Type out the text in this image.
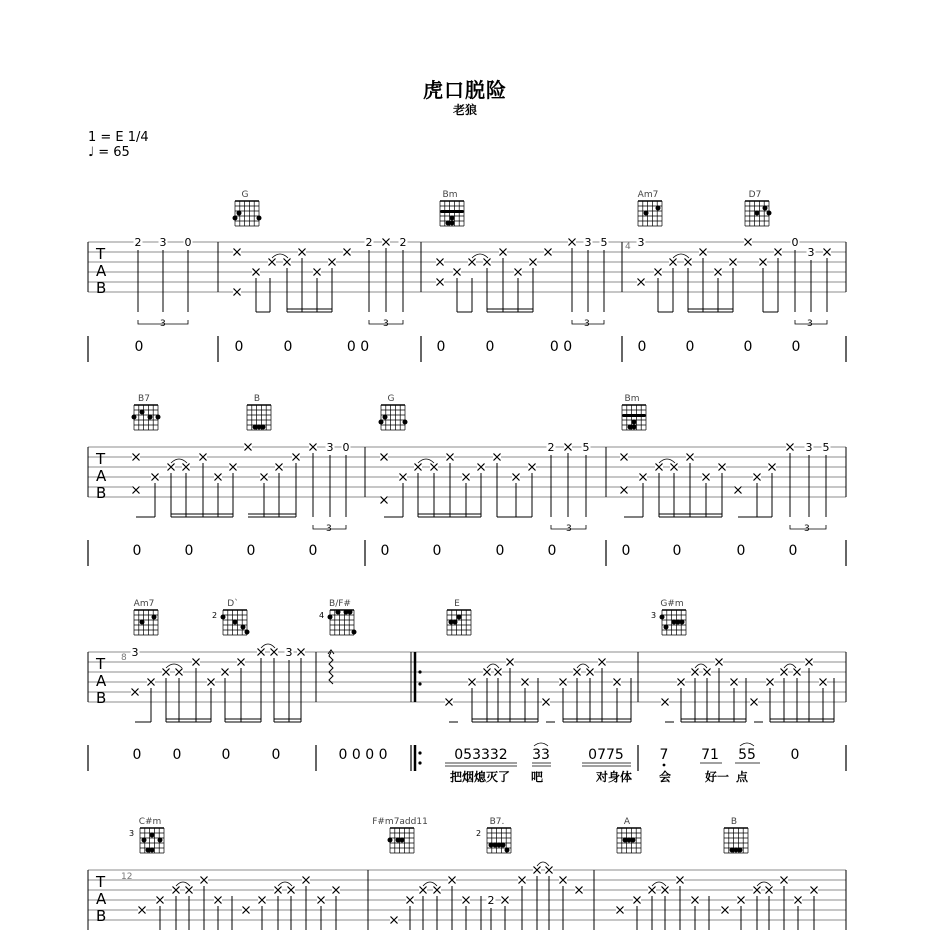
虎口脱险
老狼
1 = E 1/4
♩ = 65
G	Bm	Am7	D7
T
A
B
4
2 3 0
3
2 2
3
3 5
3
3	0
3
3
0	0	0	0 0	0	0	0 0	0	0	0	0
B7	B	G	Bm
T
A
B
3 0
3
2	5
3
3 5
3
0	0	0	0	0	0	0	0	0	0	0	0
Am7	D`
2
B/F#
4
E	G#m
3
T
A
B
8 3	3
0 0	0	0	0 0 0 0	053332 33	0775	7 71 55 0
把烟熄灭了 吧	对身体 会	好一 点
C#m
3
F#m7add11	B7.
2
A	B
T
A
B
12
2
